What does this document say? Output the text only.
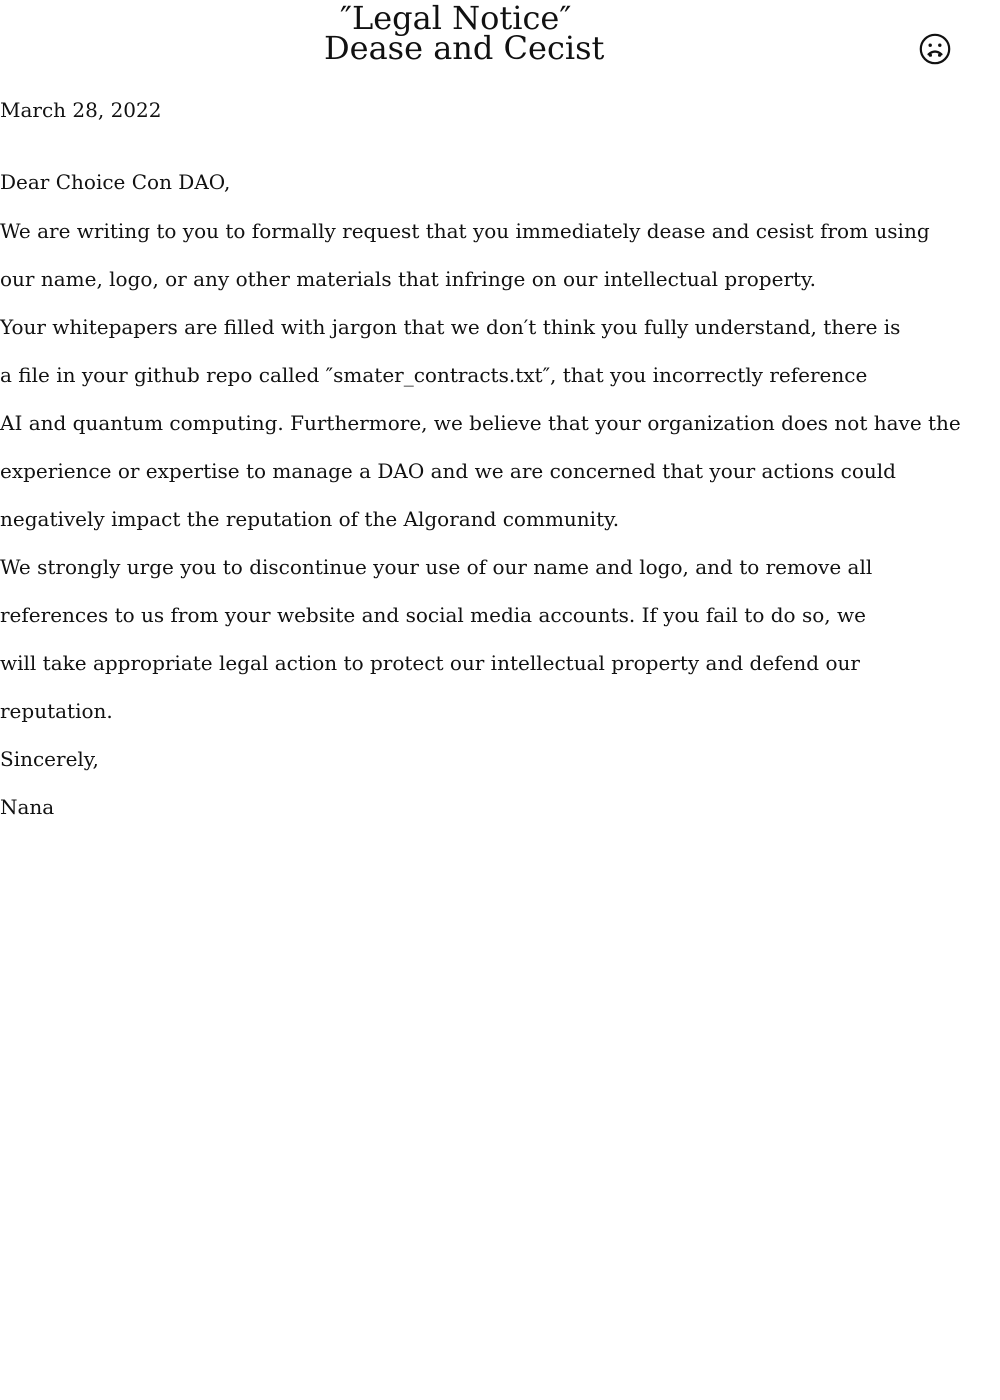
″Legal Notice″
Dease and Cecist
March 28, 2022
Dear Choice Con DAO,
We are writing to you to formally request that you immediately dease and cesist from using
our name, logo, or any other materials that infringe on our intellectual property.
Your whitepapers are filled with jargon that we don′t think you fully understand, there is
a file in your github repo called ″smater_contracts.txt″, that you incorrectly reference
AI and quantum computing. Furthermore, we believe that your organization does not have the
experience or expertise to manage a DAO and we are concerned that your actions could
negatively impact the reputation of the Algorand community.
We strongly urge you to discontinue your use of our name and logo, and to remove all
references to us from your website and social media accounts. If you fail to do so, we
will take appropriate legal action to protect our intellectual property and defend our
reputation.
Sincerely,
Nana
